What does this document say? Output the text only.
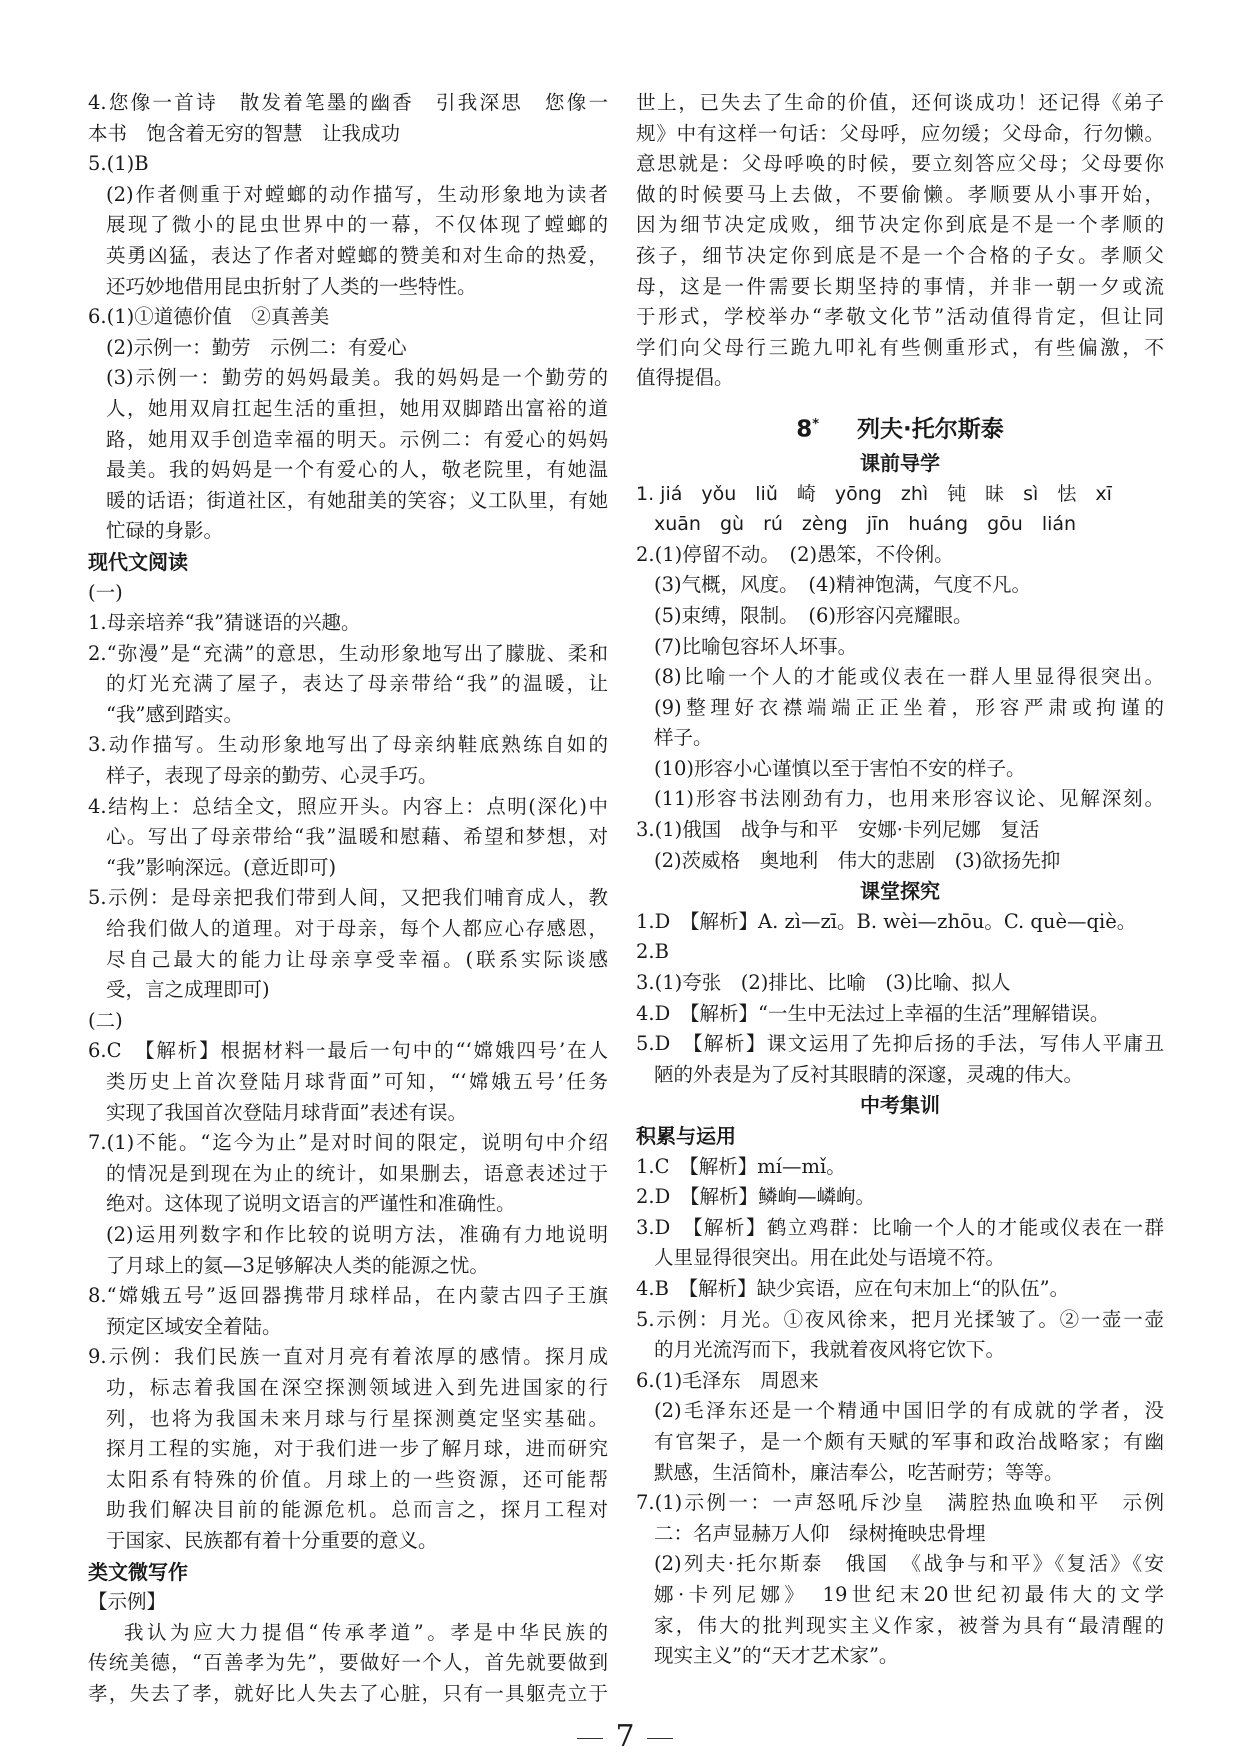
4.您像一首诗　散发着笔墨的幽香　引我深思　您像一
本书　饱含着无穷的智慧　让我成功
5.(1)B
(2)作者侧重于对螳螂的动作描写，生动形象地为读者
展现了微小的昆虫世界中的一幕，不仅体现了螳螂的
英勇凶猛，表达了作者对螳螂的赞美和对生命的热爱，
还巧妙地借用昆虫折射了人类的一些特性。
6.(1)①道德价值　②真善美
(2)示例一：勤劳　示例二：有爱心
(3)示例一：勤劳的妈妈最美。我的妈妈是一个勤劳的
人，她用双肩扛起生活的重担，她用双脚踏出富裕的道
路，她用双手创造幸福的明天。示例二：有爱心的妈妈
最美。我的妈妈是一个有爱心的人，敬老院里，有她温
暖的话语；街道社区，有她甜美的笑容；义工队里，有她
忙碌的身影。
现代文阅读
(一)
1.母亲培养“我”猜谜语的兴趣。
2.“弥漫”是“充满”的意思，生动形象地写出了朦胧、柔和
的灯光充满了屋子，表达了母亲带给“我”的温暖，让
“我”感到踏实。
3.动作描写。生动形象地写出了母亲纳鞋底熟练自如的
样子，表现了母亲的勤劳、心灵手巧。
4.结构上：总结全文，照应开头。内容上：点明(深化)中
心。写出了母亲带给“我”温暖和慰藉、希望和梦想，对
“我”影响深远。(意近即可)
5.示例：是母亲把我们带到人间，又把我们哺育成人，教
给我们做人的道理。对于母亲，每个人都应心存感恩，
尽自己最大的能力让母亲享受幸福。(联系实际谈感
受，言之成理即可)
(二)
6.C　【解析】根据材料一最后一句中的“‘嫦娥四号’在人
类历史上首次登陆月球背面”可知，“‘嫦娥五号’任务
实现了我国首次登陆月球背面”表述有误。
7.(1)不能。“迄今为止”是对时间的限定，说明句中介绍
的情况是到现在为止的统计，如果删去，语意表述过于
绝对。这体现了说明文语言的严谨性和准确性。
(2)运用列数字和作比较的说明方法，准确有力地说明
了月球上的氦—3足够解决人类的能源之忧。
8.“嫦娥五号”返回器携带月球样品，在内蒙古四子王旗
预定区域安全着陆。
9.示例：我们民族一直对月亮有着浓厚的感情。探月成
功，标志着我国在深空探测领域进入到先进国家的行
列，也将为我国未来月球与行星探测奠定坚实基础。
探月工程的实施，对于我们进一步了解月球，进而研究
太阳系有特殊的价值。月球上的一些资源，还可能帮
助我们解决目前的能源危机。总而言之，探月工程对
于国家、民族都有着十分重要的意义。
类文微写作
【示例】
我认为应大力提倡“传承孝道”。孝是中华民族的
传统美德，“百善孝为先”，要做好一个人，首先就要做到
孝，失去了孝，就好比人失去了心脏，只有一具躯壳立于
世上，已失去了生命的价值，还何谈成功！还记得《弟子
规》中有这样一句话：父母呼，应勿缓；父母命，行勿懒。
意思就是：父母呼唤的时候，要立刻答应父母；父母要你
做的时候要马上去做，不要偷懒。孝顺要从小事开始，
因为细节决定成败，细节决定你到底是不是一个孝顺的
孩子，细节决定你到底是不是一个合格的子女。孝顺父
母，这是一件需要长期坚持的事情，并非一朝一夕或流
于形式，学校举办“孝敬文化节”活动值得肯定，但让同
学们向父母行三跪九叩礼有些侧重形式，有些偏激，不
值得提倡。
8* 列夫·托尔斯泰
课前导学
1. jiá　yǒu　liǔ　崎　yōng　zhì　钝　昧　sì　怯　xī
xuān　gù　rú　zèng　jīn　huáng　gōu　lián
2.(1)停留不动。　(2)愚笨，不伶俐。
(3)气概，风度。　(4)精神饱满，气度不凡。
(5)束缚，限制。　(6)形容闪亮耀眼。
(7)比喻包容坏人坏事。
(8)比喻一个人的才能或仪表在一群人里显得很突出。
(9)整理好衣襟端端正正坐着，形容严肃或拘谨的
样子。
(10)形容小心谨慎以至于害怕不安的样子。
(11)形容书法刚劲有力，也用来形容议论、见解深刻。
3.(1)俄国　战争与和平　安娜·卡列尼娜　复活
(2)茨威格　奥地利　伟大的悲剧　(3)欲扬先抑
课堂探究
1.D　【解析】A. zì—zī。B. wèi—zhōu。C. què—qiè。
2.B
3.(1)夸张　(2)排比、比喻　(3)比喻、拟人
4.D　【解析】“一生中无法过上幸福的生活”理解错误。
5.D　【解析】课文运用了先抑后扬的手法，写伟人平庸丑
陋的外表是为了反衬其眼睛的深邃，灵魂的伟大。
中考集训
积累与运用
1.C　【解析】mí—mǐ。
2.D　【解析】鳞峋—嶙峋。
3.D　【解析】鹤立鸡群：比喻一个人的才能或仪表在一群
人里显得很突出。用在此处与语境不符。
4.B　【解析】缺少宾语，应在句末加上“的队伍”。
5.示例：月光。①夜风徐来，把月光揉皱了。②一壶一壶
的月光流泻而下，我就着夜风将它饮下。
6.(1)毛泽东　周恩来
(2)毛泽东还是一个精通中国旧学的有成就的学者，没
有官架子，是一个颇有天赋的军事和政治战略家；有幽
默感，生活简朴，廉洁奉公，吃苦耐劳；等等。
7.(1)示例一：一声怒吼斥沙皇　满腔热血唤和平　示例
二：名声显赫万人仰　绿树掩映忠骨埋
(2)列夫·托尔斯泰　俄国　《战争与和平》《复活》《安
娜·卡列尼娜》　19世纪末20世纪初最伟大的文学
家，伟大的批判现实主义作家，被誉为具有“最清醒的
现实主义”的“天才艺术家”。
7
